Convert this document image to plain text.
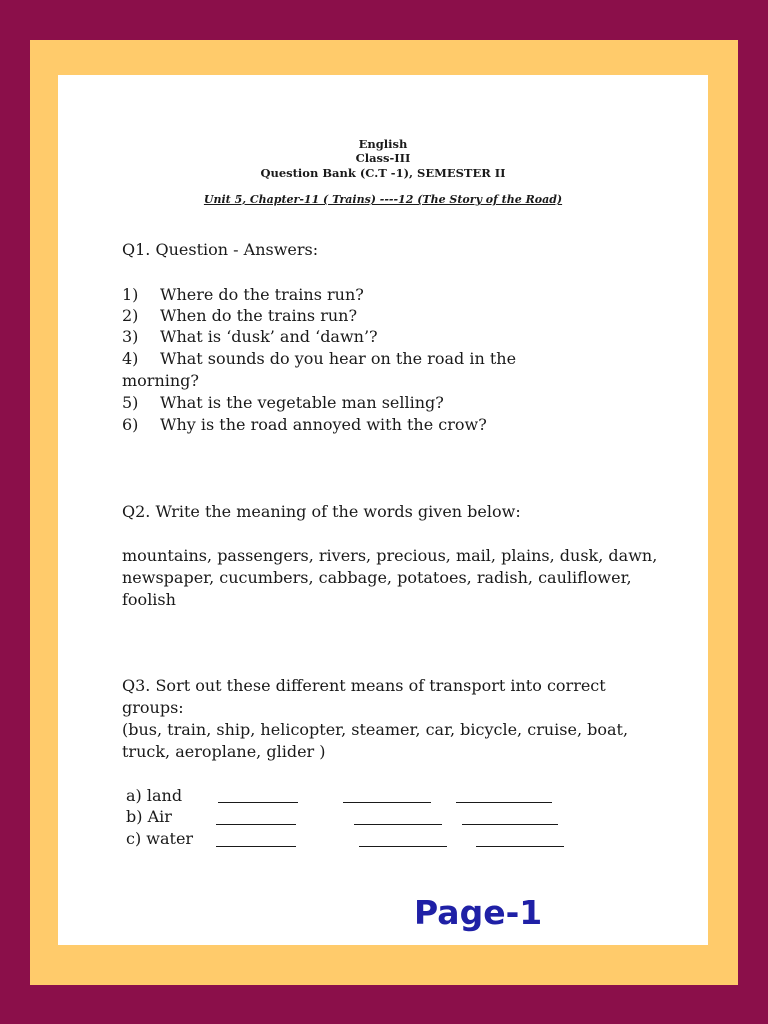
English
Class-III
Question Bank (C.T -1), SEMESTER II
Unit 5, Chapter-11 ( Trains) ----12 (The Story of the Road)
Q1. Question - Answers:
1) Where do the trains run?
2) When do the trains run?
3) What is ‘dusk’ and ‘dawn’?
4) What sounds do you hear on the road in the
morning?
5) What is the vegetable man selling?
6) Why is the road annoyed with the crow?
Q2. Write the meaning of the words given below:
mountains, passengers, rivers, precious, mail, plains, dusk, dawn, newspaper, cucumbers, cabbage, potatoes, radish, cauliflower, foolish
Q3. Sort out these different means of transport into correct groups:
(bus, train, ship, helicopter, steamer, car, bicycle, cruise, boat, truck, aeroplane, glider )
a) land
b) Air
c) water
Page-1
